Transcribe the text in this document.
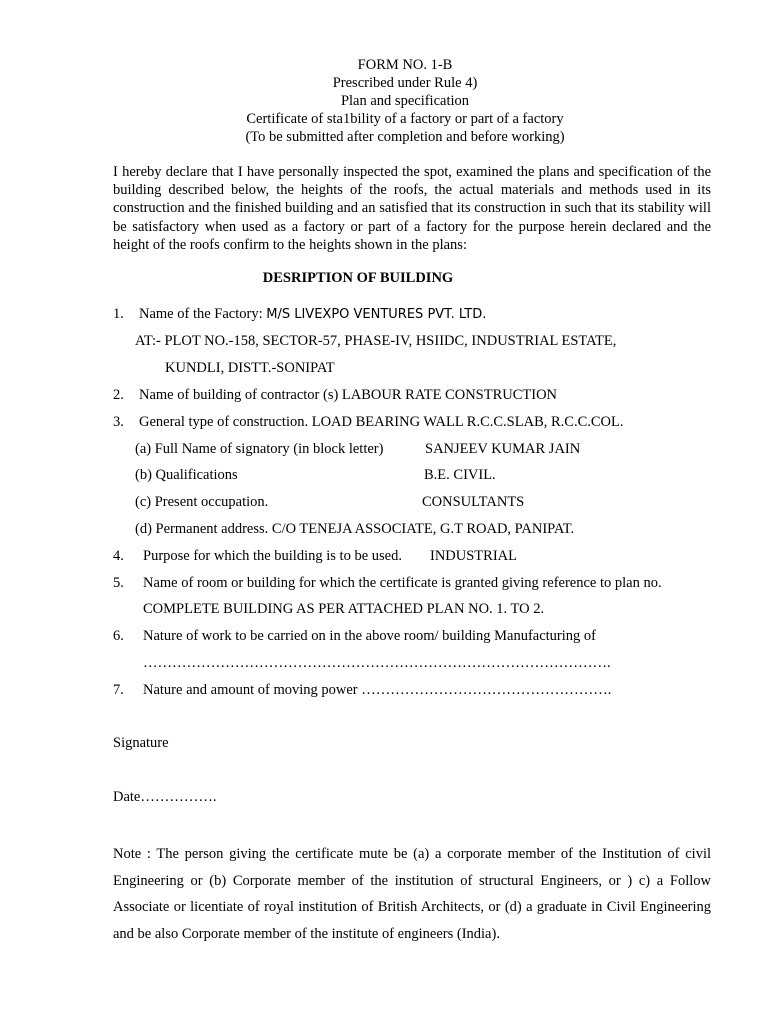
FORM NO. 1-B
Prescribed under Rule 4)
Plan and specification
Certificate of sta1bility of a factory or part of a factory
(To be submitted after completion and before working)
I hereby declare that I have personally inspected the spot, examined the plans and specification of the building described below, the heights of the roofs, the actual materials and methods used in its construction and the finished building and an satisfied that its construction in such that its stability will be satisfactory when used as a factory or part of a factory for the purpose herein declared and the height of the roofs confirm to the heights shown in the plans:
DESRIPTION OF BUILDING
1. Name of the Factory: M/S LIVEXPO VENTURES PVT. LTD.
AT:- PLOT NO.-158, SECTOR-57, PHASE-IV, HSIIDC, INDUSTRIAL ESTATE,
KUNDLI, DISTT.-SONIPAT
2. Name of building of contractor (s) LABOUR RATE CONSTRUCTION
3. General type of construction. LOAD BEARING WALL R.C.C.SLAB, R.C.C.COL.
(a) Full Name of signatory (in block letter)	SANJEEV KUMAR JAIN
(b) Qualifications	B.E. CIVIL.
(c) Present occupation.	CONSULTANTS
(d) Permanent address. C/O TENEJA ASSOCIATE, G.T ROAD, PANIPAT.
4. Purpose for which the building is to be used. INDUSTRIAL
5. Name of room or building for which the certificate is granted giving reference to plan no.
COMPLETE BUILDING AS PER ATTACHED PLAN NO. 1. TO 2.
6. Nature of work to be carried on in the above room/ building Manufacturing of
…………………………………………………………………………………….
7. Nature and amount of moving power …………………………………………….
Signature
Date…………….
Note : The person giving the certificate mute be (a) a corporate member of the Institution of civil Engineering or (b) Corporate member of the institution of structural Engineers, or ) c) a Follow Associate or licentiate of royal institution of British Architects, or (d) a graduate in Civil Engineering and be also Corporate member of the institute of engineers (India).
